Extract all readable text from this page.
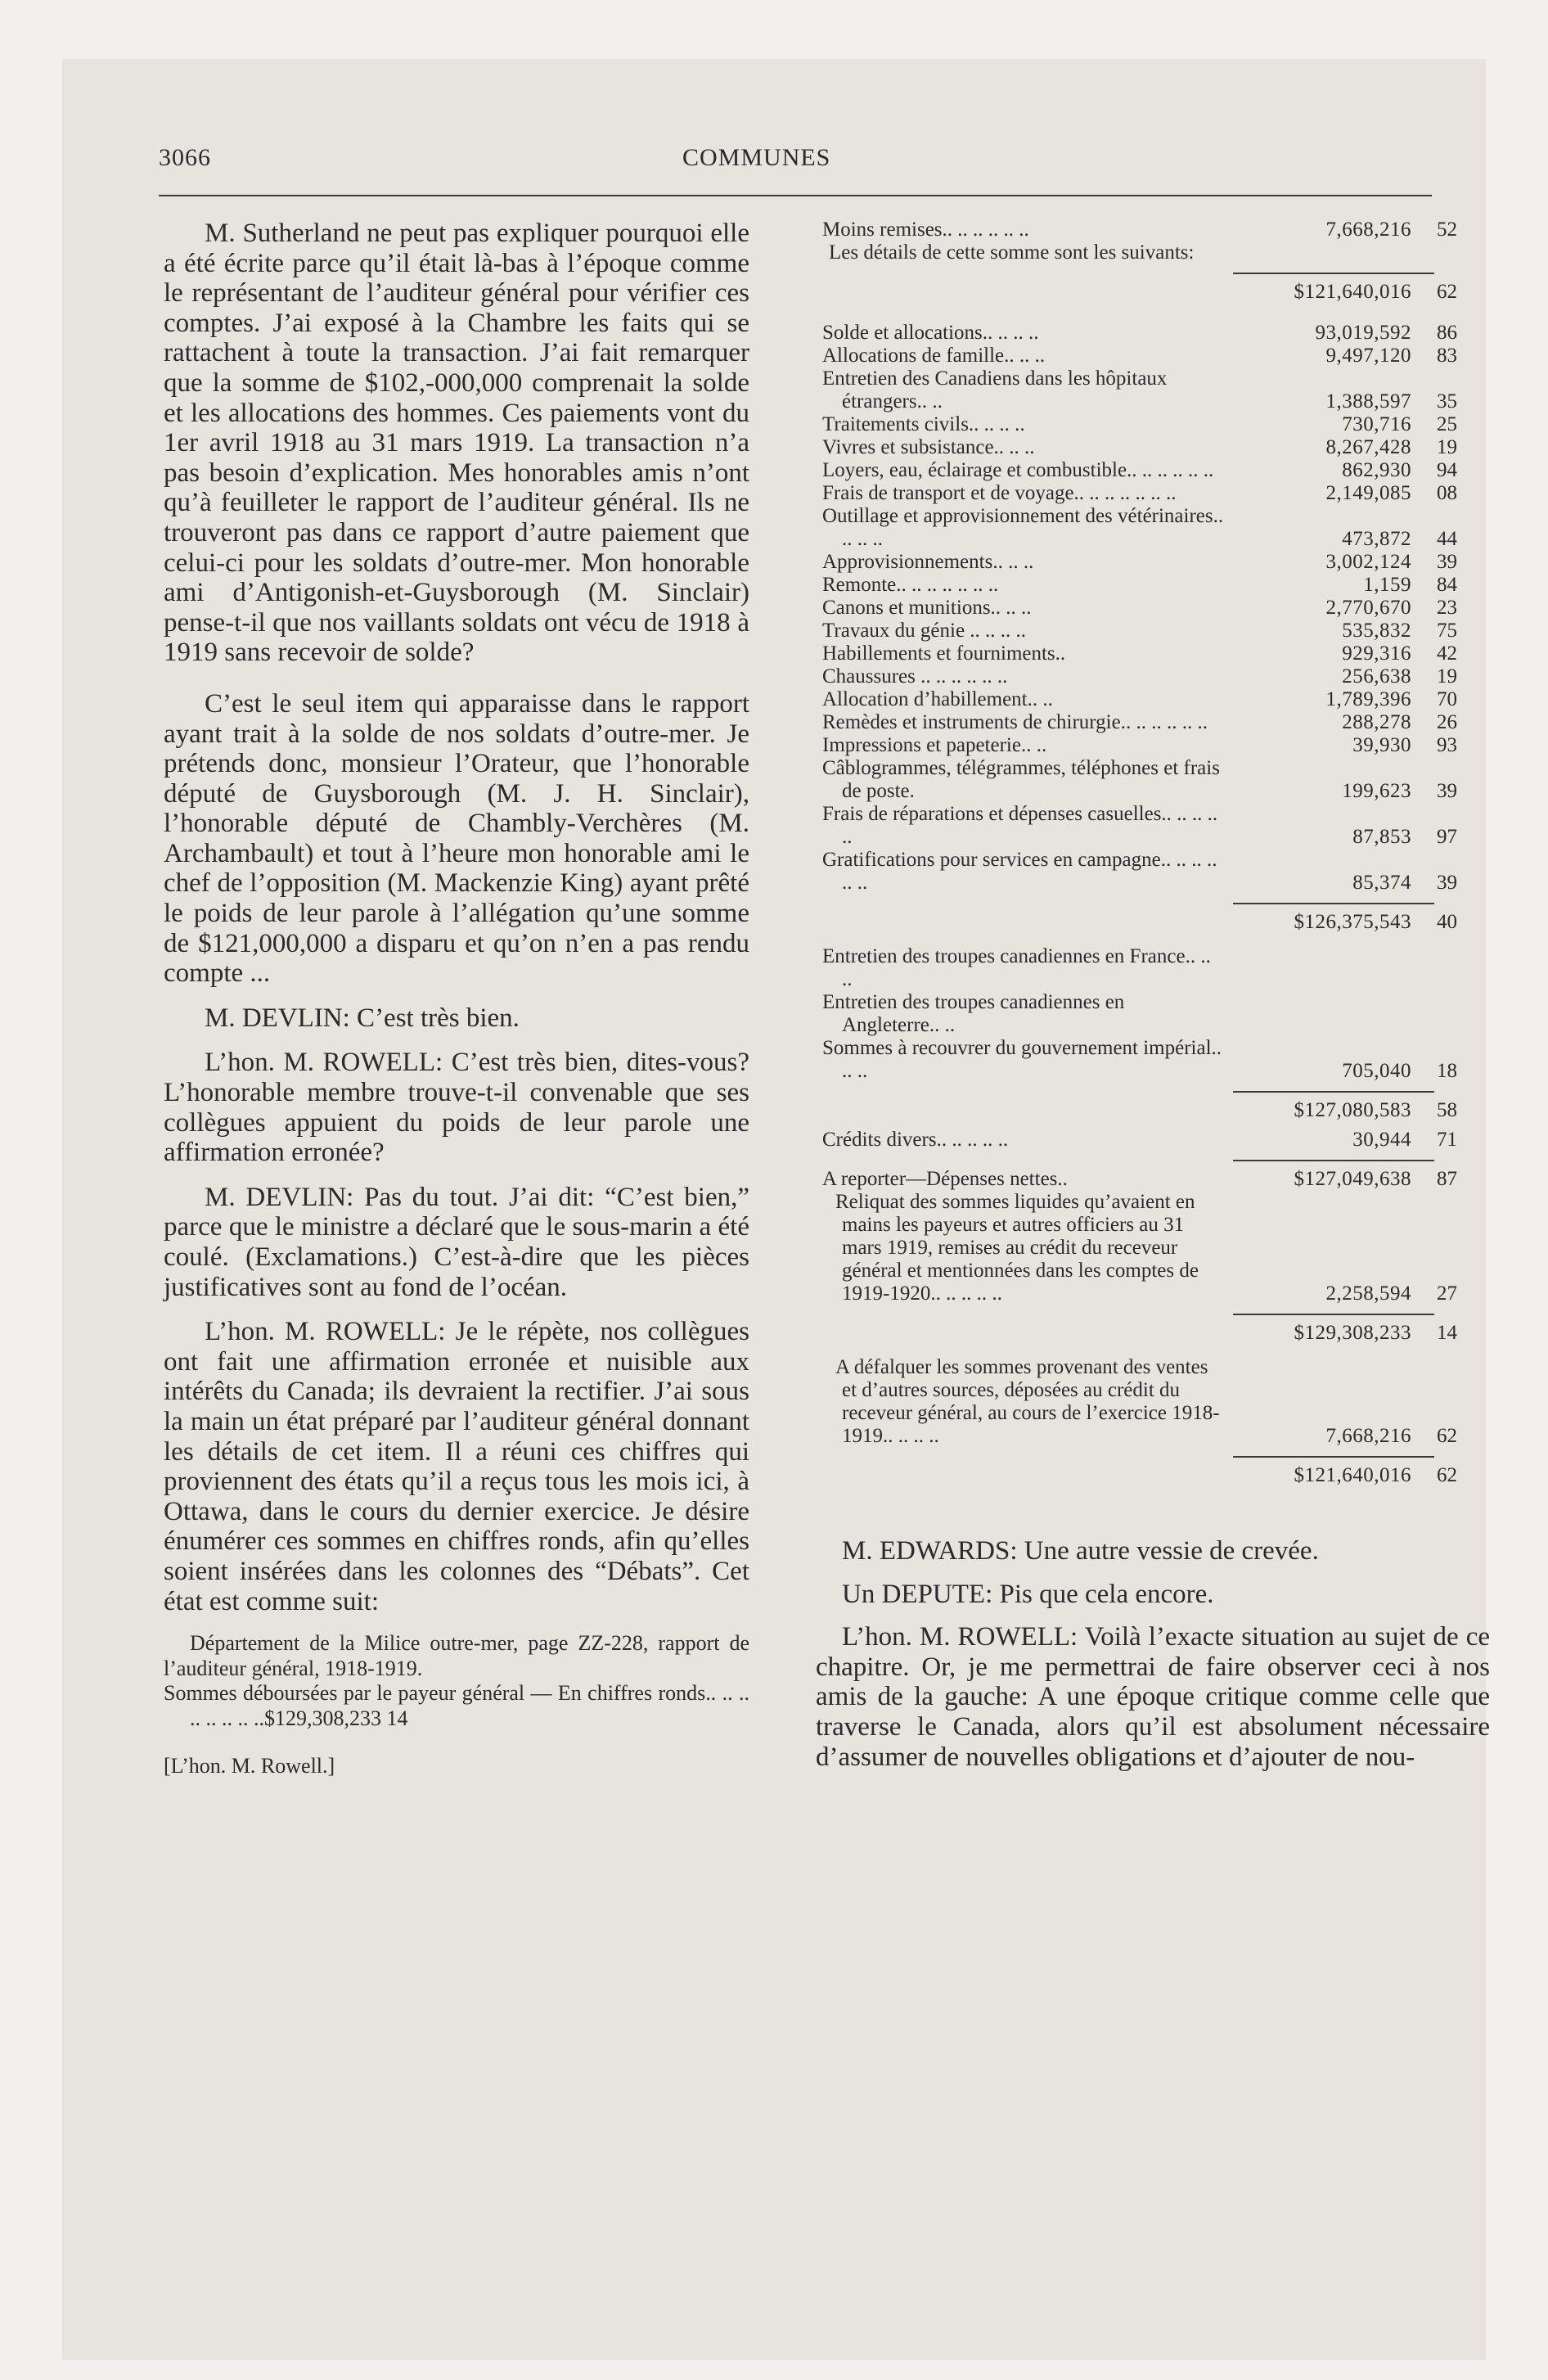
3066	COMMUNES

M. Sutherland ne peut pas expliquer pourquoi elle a été écrite parce qu’il était là-bas à l’époque comme le représentant de l’auditeur général pour vérifier ces comptes. J’ai exposé à la Chambre les faits qui se rattachent à toute la transaction. J’ai fait remarquer que la somme de $102,-000,000 comprenait la solde et les allocations des hommes. Ces paiements vont du 1er avril 1918 au 31 mars 1919. La transaction n’a pas besoin d’explication. Mes honorables amis n’ont qu’à feuilleter le rapport de l’auditeur général. Ils ne trouveront pas dans ce rapport d’autre paiement que celui-ci pour les soldats d’outre-mer. Mon honorable ami d’Antigonish-et-Guysborough (M. Sinclair) pense-t-il que nos vaillants soldats ont vécu de 1918 à 1919 sans recevoir de solde?

C’est le seul item qui apparaisse dans le rapport ayant trait à la solde de nos soldats d’outre-mer. Je prétends donc, monsieur l’Orateur, que l’honorable député de Guysborough (M. J. H. Sinclair), l’honorable député de Chambly-Verchères (M. Archambault) et tout à l’heure mon honorable ami le chef de l’opposition (M. Mackenzie King) ayant prêté le poids de leur parole à l’allégation qu’une somme de $121,000,000 a disparu et qu’on n’en a pas rendu compte ...

M. DEVLIN: C’est très bien.

L’hon. M. ROWELL: C’est très bien, dites-vous? L’honorable membre trouve-t-il convenable que ses collègues appuient du poids de leur parole une affirmation erronée?

M. DEVLIN: Pas du tout. J’ai dit: “C’est bien,” parce que le ministre a déclaré que le sous-marin a été coulé. (Exclamations.) C’est-à-dire que les pièces justificatives sont au fond de l’océan.

L’hon. M. ROWELL: Je le répète, nos collègues ont fait une affirmation erronée et nuisible aux intérêts du Canada; ils devraient la rectifier. J’ai sous la main un état préparé par l’auditeur général donnant les détails de cet item. Il a réuni ces chiffres qui proviennent des états qu’il a reçus tous les mois ici, à Ottawa, dans le cours du dernier exercice. Je désire énumérer ces sommes en chiffres ronds, afin qu’elles soient insérées dans les colonnes des “Débats”. Cet état est comme suit:

Département de la Milice outre-mer, page ZZ-228, rapport de l’auditeur général, 1918-1919.

Sommes déboursées par le payeur général — En chiffres ronds.. .. .. .. .. .. .. ..$129,308,233 14

[L’hon. M. Rowell.]
Moins remises.. .. .. .. .. ..	7,668,216	52
Les détails de cette somme sont les suivants:
$121,640,016	62
Solde et allocations.. .. .. ..	93,019,592	86
Allocations de famille.. .. ..	9,497,120	83
Entretien des Canadiens dans les hôpitaux étrangers.. ..	1,388,597	35
Traitements civils.. .. .. ..	730,716	25
Vivres et subsistance.. .. ..	8,267,428	19
Loyers, eau, éclairage et combustible.. .. .. .. .. ..	862,930	94
Frais de transport et de voyage.. .. .. .. .. .. ..	2,149,085	08
Outillage et approvisionnement des vétérinaires.. .. .. ..	473,872	44
Approvisionnements.. .. ..	3,002,124	39
Remonte.. .. .. .. .. .. ..	1,159	84
Canons et munitions.. .. ..	2,770,670	23
Travaux du génie .. .. .. ..	535,832	75
Habillements et fourniments..	929,316	42
Chaussures .. .. .. .. .. ..	256,638	19
Allocation d’habillement.. ..	1,789,396	70
Remèdes et instruments de chirurgie.. .. .. .. .. ..	288,278	26
Impressions et papeterie.. ..	39,930	93
Câblogrammes, télégrammes, téléphones et frais de poste.	199,623	39
Frais de réparations et dépenses casuelles.. .. .. .. ..	87,853	97
Gratifications pour services en campagne.. .. .. .. .. ..	85,374	39
$126,375,543	40
Entretien des troupes canadiennes en France.. .. ..
Entretien des troupes canadiennes en Angleterre.. ..
Sommes à recouvrer du gouvernement impérial.. .. ..	705,040	18
$127,080,583	58
Crédits divers.. .. .. .. ..	30,944	71
A reporter—Dépenses nettes..	$127,049,638	87
Reliquat des sommes liquides qu’avaient en mains les payeurs et autres officiers au 31 mars 1919, remises au crédit du receveur général et mentionnées dans les comptes de 1919-1920.. .. .. .. ..	2,258,594	27
$129,308,233	14
A défalquer les sommes provenant des ventes et d’autres sources, déposées au crédit du receveur général, au cours de l’exercice 1918-1919.. .. .. ..	7,668,216	62
$121,640,016	62

M. EDWARDS: Une autre vessie de crevée.

Un DEPUTE: Pis que cela encore.

L’hon. M. ROWELL: Voilà l’exacte situation au sujet de ce chapitre. Or, je me permettrai de faire observer ceci à nos amis de la gauche: A une époque critique comme celle que traverse le Canada, alors qu’il est absolument nécessaire d’assumer de nouvelles obligations et d’ajouter de nou-
